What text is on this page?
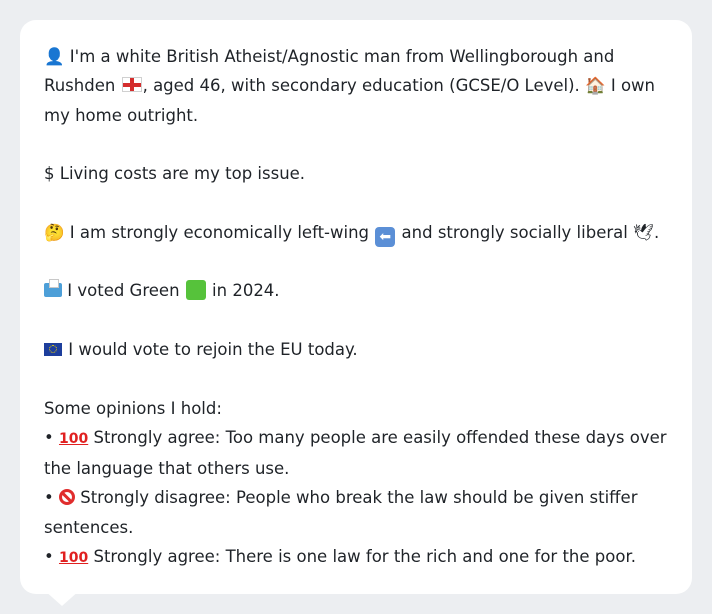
👤 I'm a white British Atheist/Agnostic man from Wellingborough and
Rushden , aged 46, with secondary education (GCSE/O Level). 🏠 I own
my home outright.

$ Living costs are my top issue.

🤔 I am strongly economically left-wing ⬅ and strongly socially liberal 🕊.

I voted Green in 2024.

I would vote to rejoin the EU today.

Some opinions I hold:
• 100 Strongly agree: Too many people are easily offended these days over
the language that others use.
• Strongly disagree: People who break the law should be given stiffer
sentences.
• 100 Strongly agree: There is one law for the rich and one for the poor.
